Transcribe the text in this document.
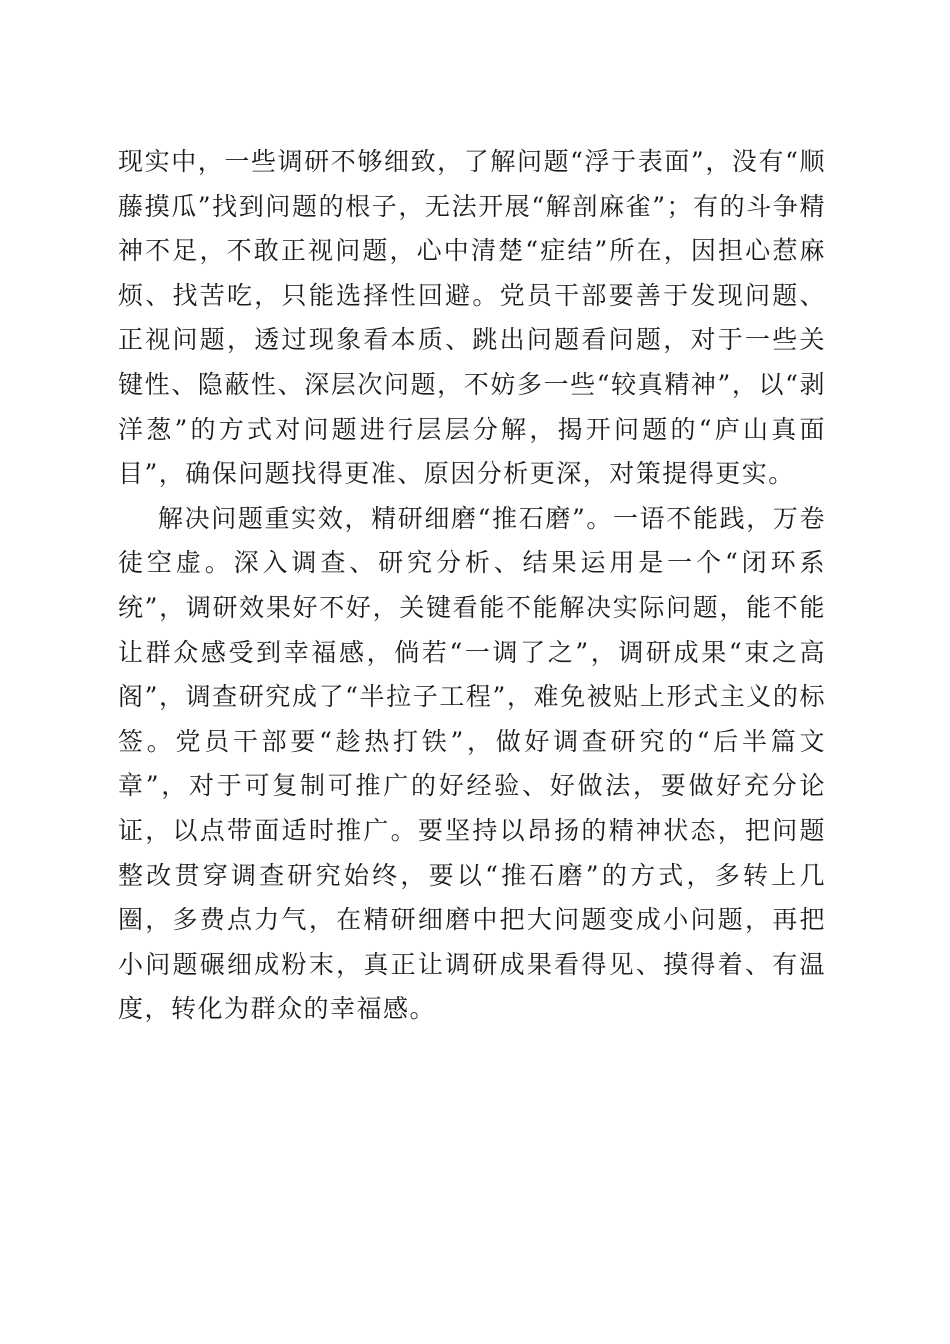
现实中，一些调研不够细致，了解问题“浮于表面”，没有“顺藤摸瓜”找到问题的根子，无法开展“解剖麻雀”；有的斗争精神不足，不敢正视问题，心中清楚“症结”所在，因担心惹麻烦、找苦吃，只能选择性回避。党员干部要善于发现问题、正视问题，透过现象看本质、跳出问题看问题，对于一些关键性、隐蔽性、深层次问题，不妨多一些“较真精神”，以“剥洋葱”的方式对问题进行层层分解，揭开问题的“庐山真面目”，确保问题找得更准、原因分析更深，对策提得更实。

解决问题重实效，精研细磨“推石磨”。一语不能践，万卷徒空虚。深入调查、研究分析、结果运用是一个“闭环系统”，调研效果好不好，关键看能不能解决实际问题，能不能让群众感受到幸福感，倘若“一调了之”，调研成果“束之高阁”，调查研究成了“半拉子工程”，难免被贴上形式主义的标签。党员干部要“趁热打铁”，做好调查研究的“后半篇文章”，对于可复制可推广的好经验、好做法，要做好充分论证，以点带面适时推广。要坚持以昂扬的精神状态，把问题整改贯穿调查研究始终，要以“推石磨”的方式，多转上几圈，多费点力气，在精研细磨中把大问题变成小问题，再把小问题碾细成粉末，真正让调研成果看得见、摸得着、有温度，转化为群众的幸福感。
